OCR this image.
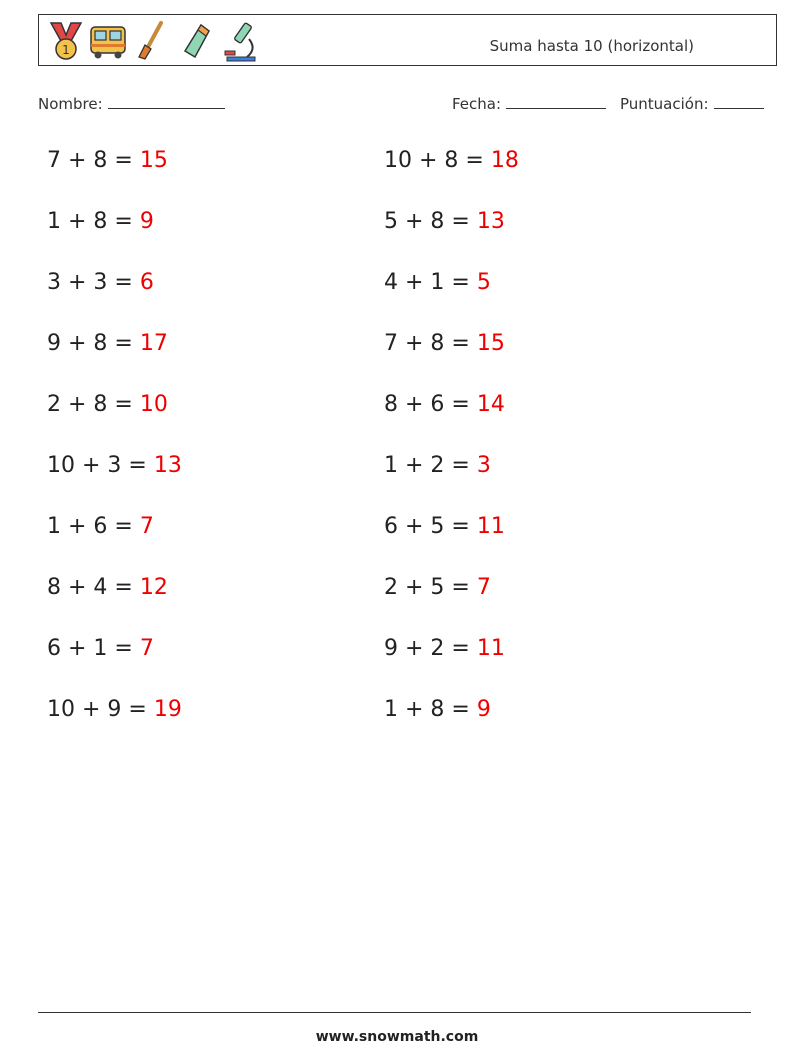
1	Suma hasta 10 (horizontal)
Nombre:	Fecha:	Puntuación:
7 + 8 = 15	10 + 8 = 18
1 + 8 = 9	5 + 8 = 13
3 + 3 = 6	4 + 1 = 5
9 + 8 = 17	7 + 8 = 15
2 + 8 = 10	8 + 6 = 14
10 + 3 = 13	1 + 2 = 3
1 + 6 = 7	6 + 5 = 11
8 + 4 = 12	2 + 5 = 7
6 + 1 = 7	9 + 2 = 11
10 + 9 = 19	1 + 8 = 9
www.snowmath.com
